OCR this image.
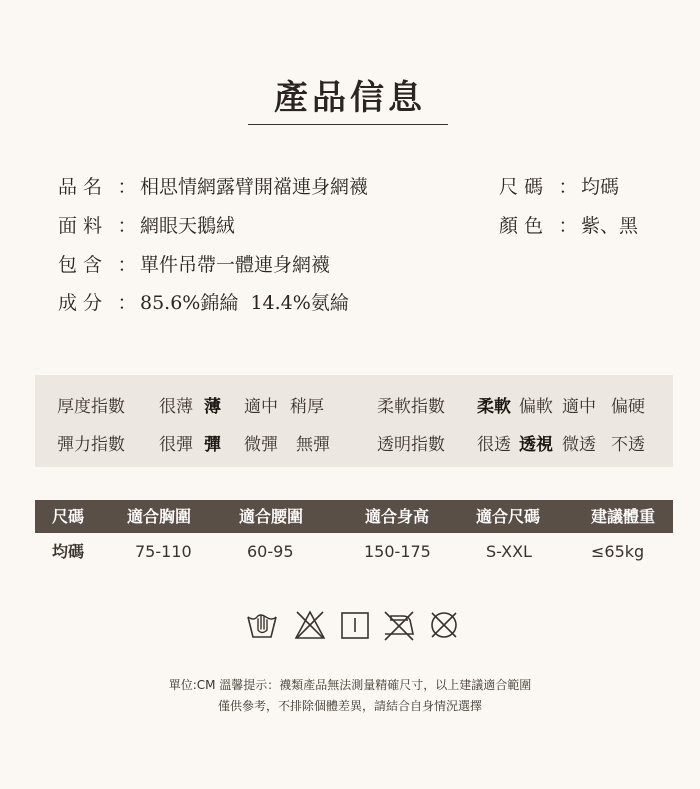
產品信息
品名 ： 相思情網露臂開襠連身網襪
面料 ： 網眼天鵝絨
包含 ： 單件吊帶一體連身網襪
成分 ： 85.6%錦綸  14.4%氨綸
尺碼 ： 均碼
顏色 ： 紫、黑
厚度指數 很薄 薄 適中 稍厚	柔軟指數 柔軟 偏軟 適中 偏硬
彈力指數 很彈 彈 微彈 無彈	透明指數 很透 透視 微透 不透
尺碼	適合胸圍	適合腰圍	適合身高	適合尺碼	建議體重
均碼	75-110	60-95	150-175	S-XXL	≤65kg
單位:CM 溫馨提示：襪類產品無法測量精確尺寸，以上建議適合範圍
僅供參考，不排除個體差異，請結合自身情況選擇
